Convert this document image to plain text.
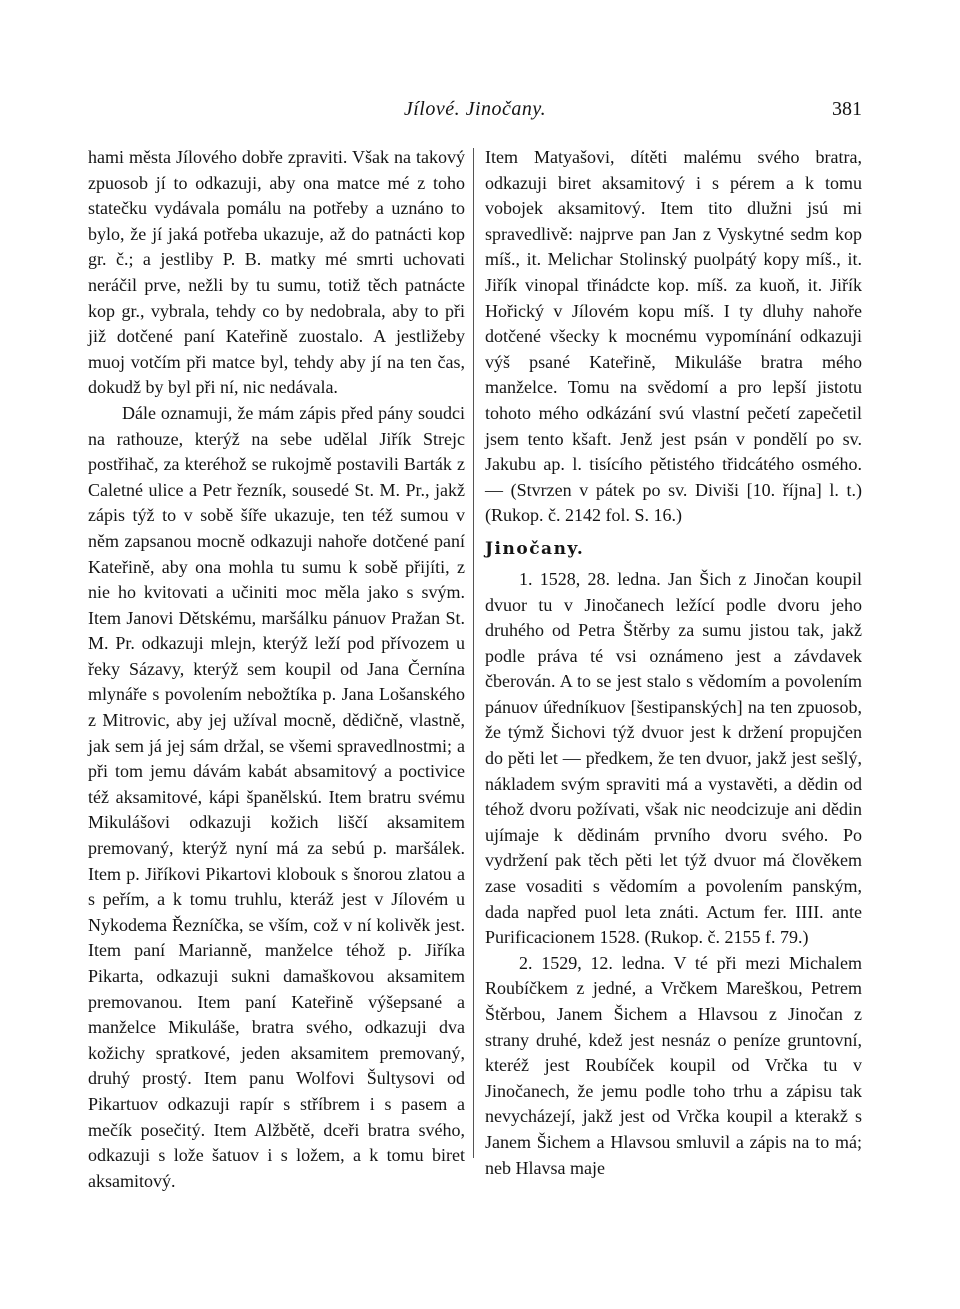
Jílové. Jinočany.	381

hami města Jílového dobře zpraviti. Však na takový zpuosob jí to odkazuji, aby ona matce mé z toho statečku vydávala pomálu na potřeby a uznáno to bylo, že jí jaká potřeba ukazuje, až do patnácti kop gr. č.; a jestliby P. B. matky mé smrti uchovati neráčil prve, nežli by tu sumu, totiž těch patnácte kop gr., vybrala, tehdy co by nedobrala, aby to při již dotčené paní Kateřině zuostalo. A jestližeby muoj votčím při matce byl, tehdy aby jí na ten čas, dokudž by byl při ní, nic nedávala.

Dále oznamuji, že mám zápis před pány soudci na rathouze, kterýž na sebe udělal Jiřík Strejc postřihač, za kteréhož se rukojmě postavili Barták z Caletné ulice a Petr řezník, sousedé St. M. Pr., jakž zápis týž to v sobě šíře ukazuje, ten též sumou v něm zapsanou mocně odkazuji nahoře dotčené paní Kateřině, aby ona mohla tu sumu k sobě přijíti, z nie ho kvitovati a učiniti moc měla jako s svým. Item Janovi Dětskému, maršálku pánuov Pražan St. M. Pr. odkazuji mlejn, kterýž leží pod přívozem u řeky Sázavy, kterýž sem koupil od Jana Černína mlynáře s povolením nebožtíka p. Jana Lošanského z Mitrovic, aby jej užíval mocně, dědičně, vlastně, jak sem já jej sám držal, se všemi spravedlnostmi; a při tom jemu dávám kabát absamitový a poctivice též aksamitové, kápi španělskú. Item bratru svému Mikulášovi odkazuji kožich liščí aksamitem premovaný, kterýž nyní má za sebú p. maršálek. Item p. Jiříkovi Pikartovi klobouk s šnorou zlatou a s peřím, a k tomu truhlu, kteráž jest v Jílovém u Nykodema Řezníčka, se vším, což v ní kolivěk jest. Item paní Marianně, manželce téhož p. Jiříka Pikarta, odkazuji sukni damaškovou aksamitem premovanou. Item paní Kateřině výšepsané a manželce Mikuláše, bratra svého, odkazuji dva kožichy spratkové, jeden aksamitem premovaný, druhý prostý. Item panu Wolfovi Šultysovi od Pikartuov odkazuji rapír s stříbrem i s pasem a mečík posečitý. Item Alžbětě, dceři bratra svého, odkazuji s lože šatuov i s ložem, a k tomu biret aksamitový.

Item Matyašovi, dítěti malému svého bratra, odkazuji biret aksamitový i s pérem a k tomu vobojek aksamitový. Item tito dlužni jsú mi spravedlivě: najprve pan Jan z Vyskytné sedm kop míš., it. Melichar Stolinský puolpátý kopy míš., it. Jiřík vinopal třinádcte kop. míš. za kuoň, it. Jiřík Hořický v Jílovém kopu míš. I ty dluhy nahoře dotčené všecky k mocnému vypomínání odkazuji výš psané Kateřině, Mikuláše bratra mého manželce. Tomu na svědomí a pro lepší jistotu tohoto mého odkázání svú vlastní pečetí zapečetil jsem tento kšaft. Jenž jest psán v pondělí po sv. Jakubu ap. l. tisícího pětistého třidcátého osmého. — (Stvrzen v pátek po sv. Diviši [10. října] l. t.) (Rukop. č. 2142 fol. S. 16.)

Jinočany.

1. 1528, 28. ledna. Jan Šich z Jinočan koupil dvuor tu v Jinočanech ležící podle dvoru jeho druhého od Petra Štěrby za sumu jistou tak, jakž podle práva té vsi oznámeno jest a závdavek čberován. A to se jest stalo s vědomím a povolením pánuov úředníkuov [šestipanských] na ten zpuosob, že týmž Šichovi týž dvuor jest k držení propujčen do pěti let — předkem, že ten dvuor, jakž jest sešlý, nákladem svým spraviti má a vystavěti, a dědin od téhož dvoru požívati, však nic neodcizuje ani dědin ujímaje k dědinám prvního dvoru svého. Po vydržení pak těch pěti let týž dvuor má člověkem zase vosaditi s vědomím a povolením panským, dada napřed puol leta znáti. Actum fer. IIII. ante Purificacionem 1528. (Rukop. č. 2155 f. 79.)

2. 1529, 12. ledna. V té při mezi Michalem Roubíčkem z jedné, a Vrčkem Mareškou, Petrem Štěrbou, Janem Šichem a Hlavsou z Jinočan z strany druhé, kdež jest nesnáz o peníze gruntovní, kteréž jest Roubíček koupil od Vrčka tu v Jinočanech, že jemu podle toho trhu a zápisu tak nevycházejí, jakž jest od Vrčka koupil a kterakž s Janem Šichem a Hlavsou smluvil a zápis na to má; neb Hlavsa maje
